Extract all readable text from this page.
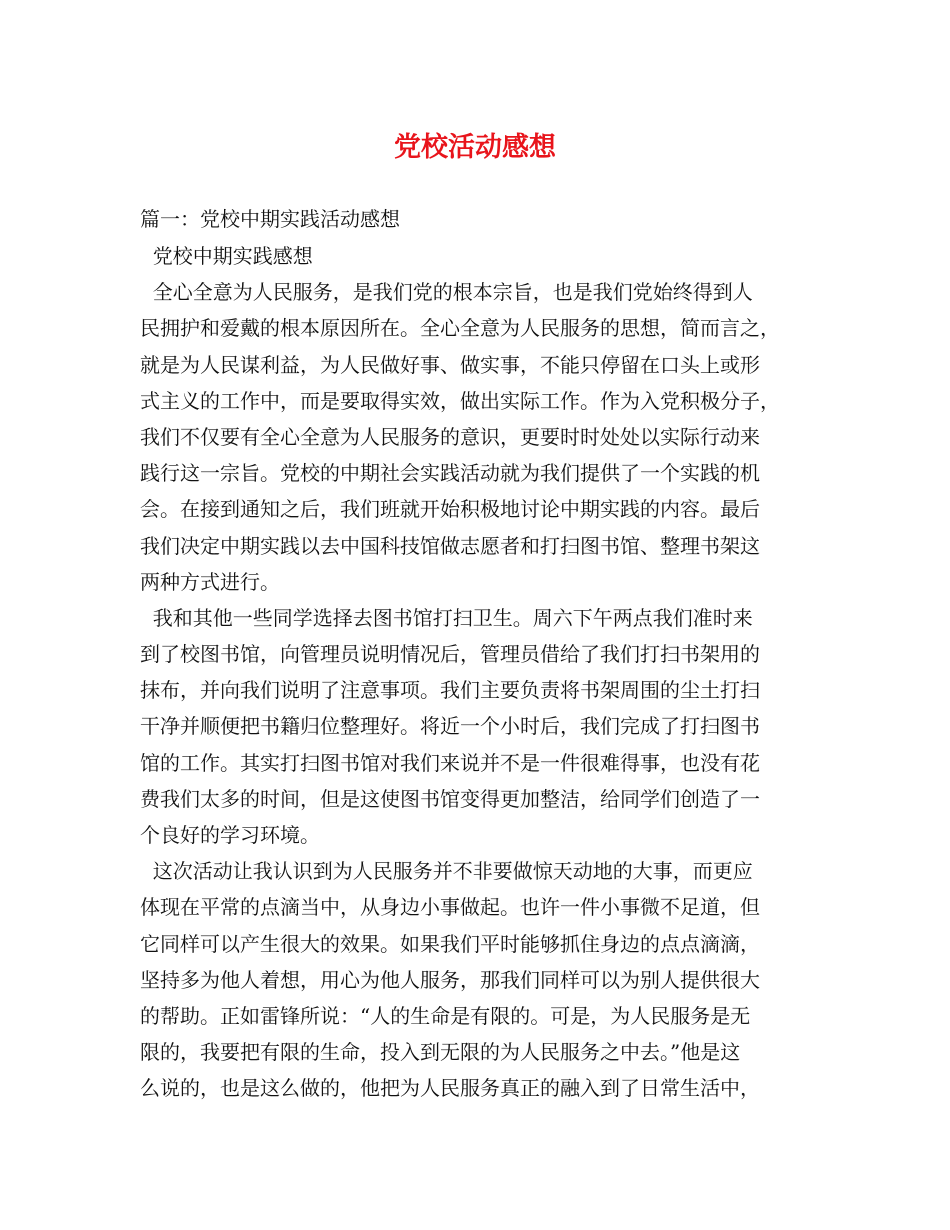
党校活动感想
篇一：党校中期实践活动感想
党校中期实践感想
全心全意为人民服务，是我们党的根本宗旨，也是我们党始终得到人
民拥护和爱戴的根本原因所在。全心全意为人民服务的思想，简而言之，
就是为人民谋利益，为人民做好事、做实事，不能只停留在口头上或形
式主义的工作中，而是要取得实效，做出实际工作。作为入党积极分子，
我们不仅要有全心全意为人民服务的意识，更要时时处处以实际行动来
践行这一宗旨。党校的中期社会实践活动就为我们提供了一个实践的机
会。在接到通知之后，我们班就开始积极地讨论中期实践的内容。最后
我们决定中期实践以去中国科技馆做志愿者和打扫图书馆、整理书架这
两种方式进行。
我和其他一些同学选择去图书馆打扫卫生。周六下午两点我们准时来
到了校图书馆，向管理员说明情况后，管理员借给了我们打扫书架用的
抹布，并向我们说明了注意事项。我们主要负责将书架周围的尘土打扫
干净并顺便把书籍归位整理好。将近一个小时后，我们完成了打扫图书
馆的工作。其实打扫图书馆对我们来说并不是一件很难得事，也没有花
费我们太多的时间，但是这使图书馆变得更加整洁，给同学们创造了一
个良好的学习环境。
这次活动让我认识到为人民服务并不非要做惊天动地的大事，而更应
体现在平常的点滴当中，从身边小事做起。也许一件小事微不足道，但
它同样可以产生很大的效果。如果我们平时能够抓住身边的点点滴滴，
坚持多为他人着想，用心为他人服务，那我们同样可以为别人提供很大
的帮助。正如雷锋所说：“人的生命是有限的。可是，为人民服务是无
限的，我要把有限的生命，投入到无限的为人民服务之中去。”他是这
么说的，也是这么做的，他把为人民服务真正的融入到了日常生活中，
